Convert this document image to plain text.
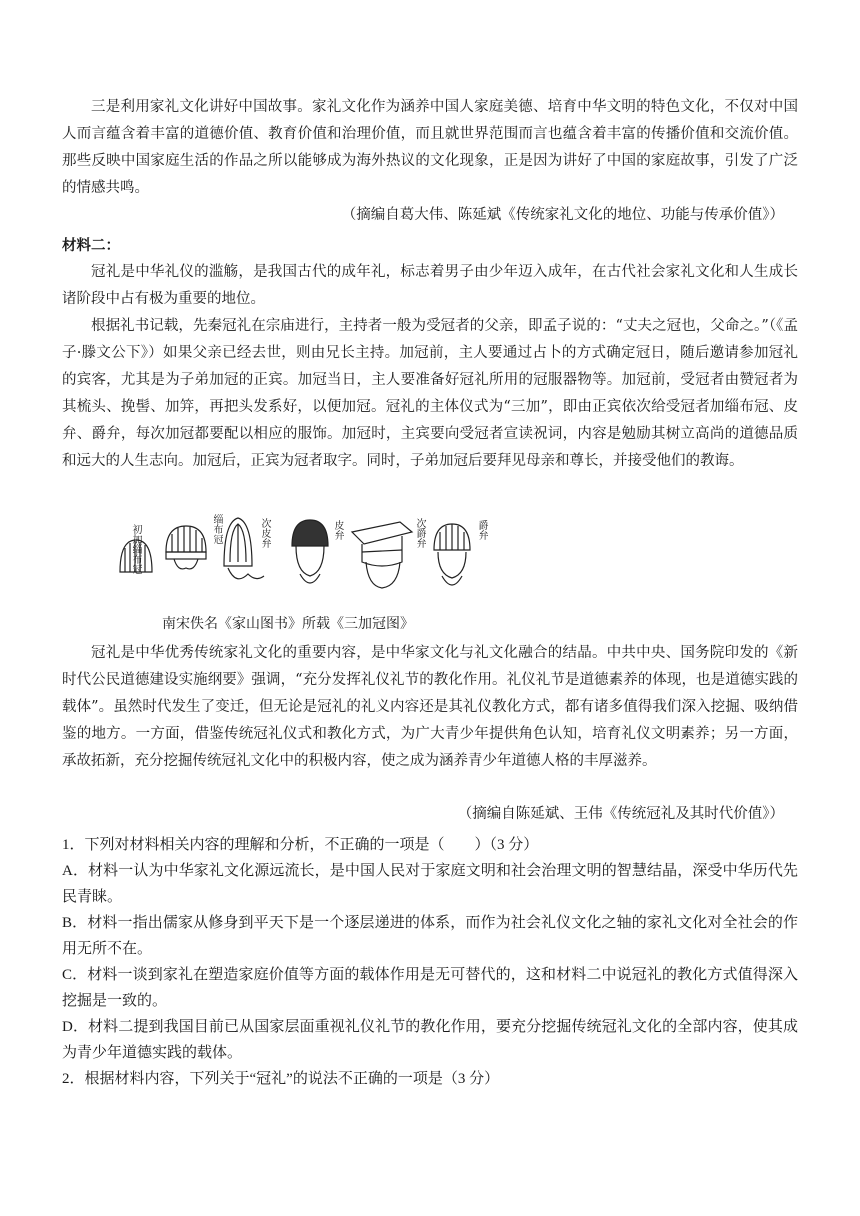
三是利用家礼文化讲好中国故事。家礼文化作为涵养中国人家庭美德、培育中华文明的特色文化，不仅对中国人而言蕴含着丰富的道德价值、教育价值和治理价值，而且就世界范围而言也蕴含着丰富的传播价值和交流价值。那些反映中国家庭生活的作品之所以能够成为海外热议的文化现象，正是因为讲好了中国的家庭故事，引发了广泛的情感共鸣。

（摘编自葛大伟、陈延斌《传统家礼文化的地位、功能与传承价值》）

材料二：

冠礼是中华礼仪的滥觞，是我国古代的成年礼，标志着男子由少年迈入成年，在古代社会家礼文化和人生成长诸阶段中占有极为重要的地位。

根据礼书记载，先秦冠礼在宗庙进行，主持者一般为受冠者的父亲，即孟子说的：“丈夫之冠也，父命之。”（《孟子·滕文公下》）如果父亲已经去世，则由兄长主持。加冠前，主人要通过占卜的方式确定冠日，随后邀请参加冠礼的宾客，尤其是为子弟加冠的正宾。加冠当日，主人要准备好冠礼所用的冠服器物等。加冠前，受冠者由赞冠者为其梳头、挽髻、加笄，再把头发系好，以便加冠。冠礼的主体仪式为“三加”，即由正宾依次给受冠者加缁布冠、皮弁、爵弁，每次加冠都要配以相应的服饰。加冠时，主宾要向受冠者宣读祝词，内容是勉励其树立高尚的道德品质和远大的人生志向。加冠后，正宾为冠者取字。同时，子弟加冠后要拜见母亲和尊长，并接受他们的教诲。

初加缁布冠	缁布冠	次皮弁	皮弁	次爵弁	爵弁

南宋佚名《家山图书》所载《三加冠图》

冠礼是中华优秀传统家礼文化的重要内容，是中华家文化与礼文化融合的结晶。中共中央、国务院印发的《新时代公民道德建设实施纲要》强调，“充分发挥礼仪礼节的教化作用。礼仪礼节是道德素养的体现，也是道德实践的载体”。虽然时代发生了变迁，但无论是冠礼的礼义内容还是其礼仪教化方式，都有诸多值得我们深入挖掘、吸纳借鉴的地方。一方面，借鉴传统冠礼仪式和教化方式，为广大青少年提供角色认知，培育礼仪文明素养；另一方面，承故拓新，充分挖掘传统冠礼文化中的积极内容，使之成为涵养青少年道德人格的丰厚滋养。

（摘编自陈延斌、王伟《传统冠礼及其时代价值》）

1．下列对材料相关内容的理解和分析，不正确的一项是（　　）（3 分）

A．材料一认为中华家礼文化源远流长，是中国人民对于家庭文明和社会治理文明的智慧结晶，深受中华历代先民青睐。

B．材料一指出儒家从修身到平天下是一个逐层递进的体系，而作为社会礼仪文化之轴的家礼文化对全社会的作用无所不在。

C．材料一谈到家礼在塑造家庭价值等方面的载体作用是无可替代的，这和材料二中说冠礼的教化方式值得深入挖掘是一致的。

D．材料二提到我国目前已从国家层面重视礼仪礼节的教化作用，要充分挖掘传统冠礼文化的全部内容，使其成为青少年道德实践的载体。

2．根据材料内容，下列关于“冠礼”的说法不正确的一项是（3 分）
